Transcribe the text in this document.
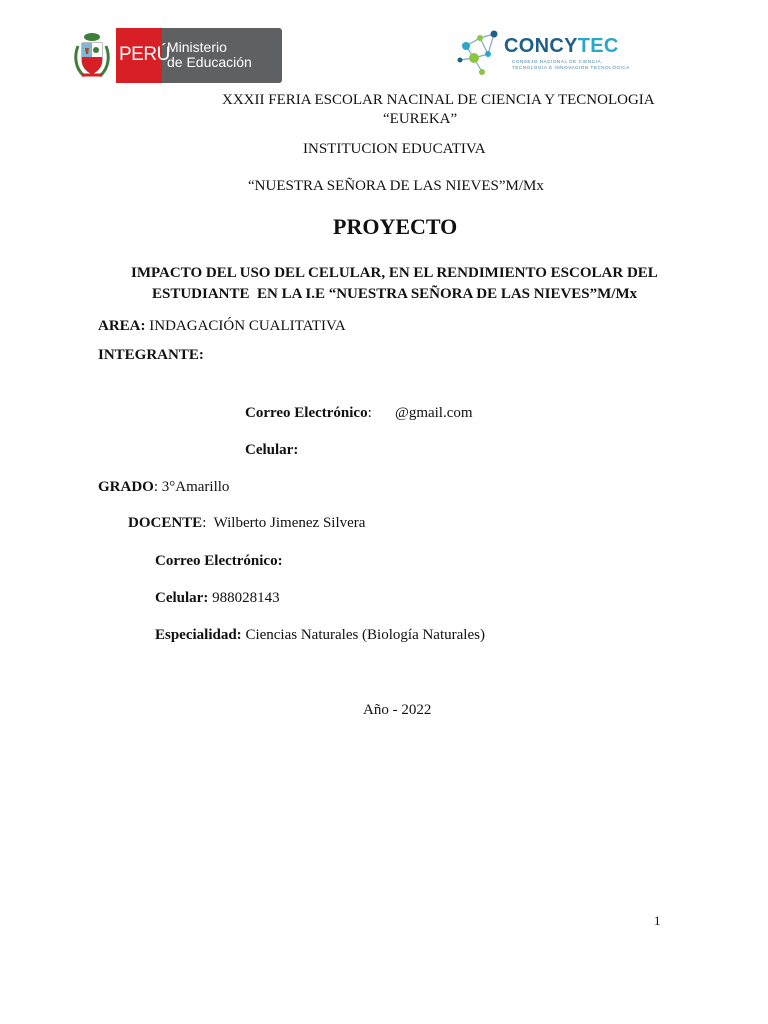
PERÚ
Ministerio
de Educación
CONCYTEC
CONSEJO NACIONAL DE CIENCIA,
TECNOLOGÍA E INNOVACIÓN TECNOLÓGICA
XXXII FERIA ESCOLAR NACINAL DE CIENCIA Y TECNOLOGIA
“EUREKA”
INSTITUCION EDUCATIVA
“NUESTRA SEÑORA DE LAS NIEVES”M/Mx
PROYECTO
IMPACTO DEL USO DEL CELULAR, EN EL RENDIMIENTO ESCOLAR DEL
ESTUDIANTE  EN LA I.E “NUESTRA SEÑORA DE LAS NIEVES”M/Mx
AREA: INDAGACIÓN CUALITATIVA
INTEGRANTE:
Correo Electrónico: @gmail.com
Celular:
GRADO: 3°Amarillo
DOCENTE:  Wilberto Jimenez Silvera
Correo Electrónico:
Celular: 988028143
Especialidad: Ciencias Naturales (Biología Naturales)
Año - 2022
1
